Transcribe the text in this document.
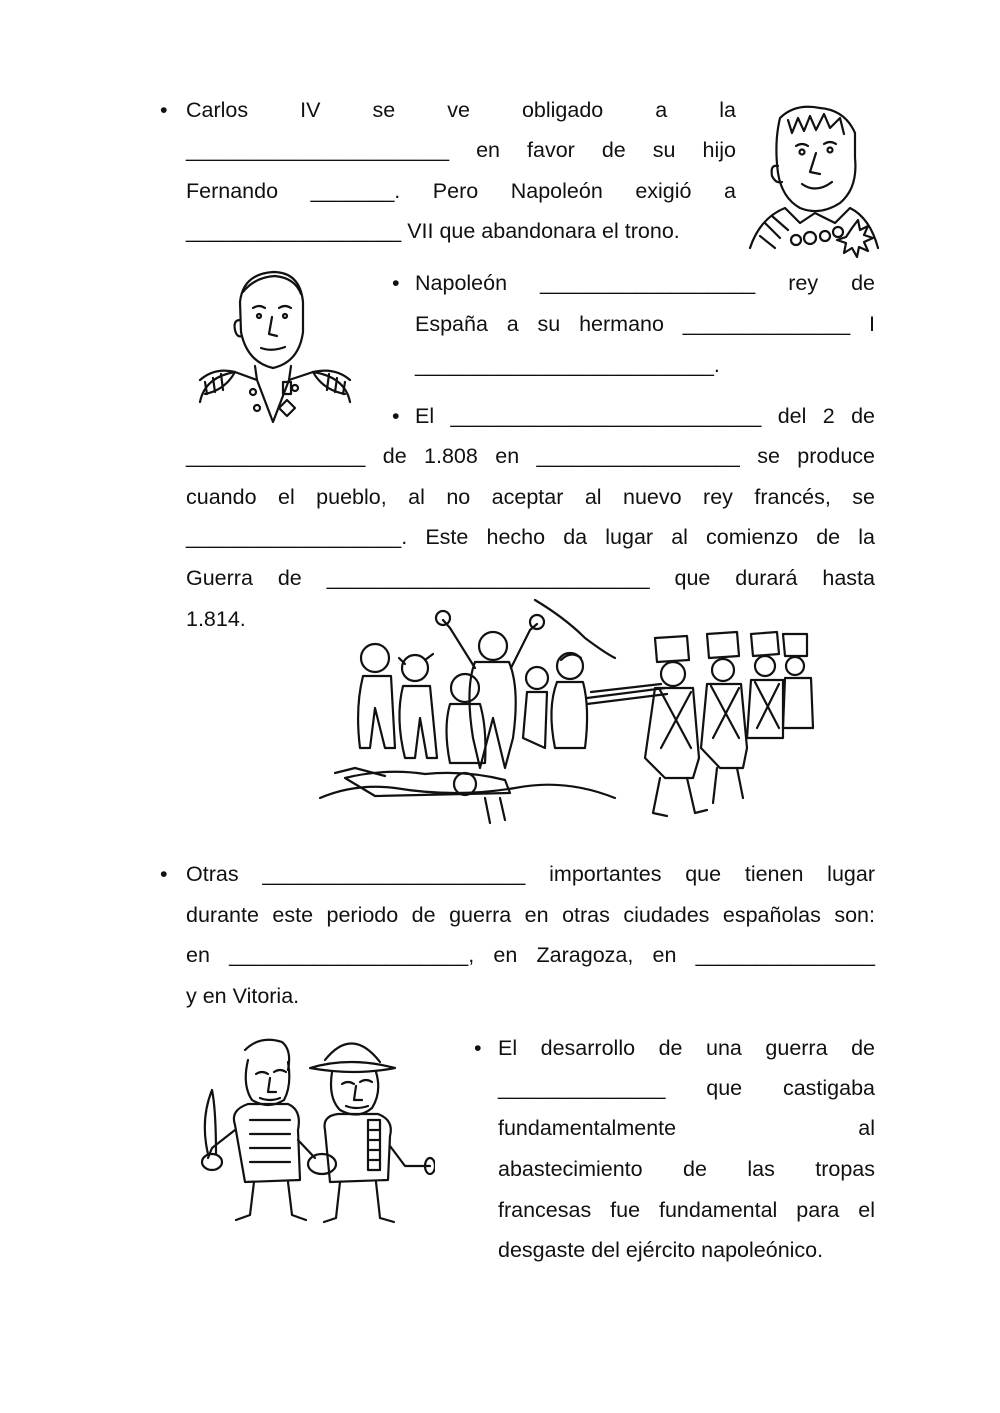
• Carlos IV se ve obligado a la
______________________ en favor de su hijo
Fernando _______. Pero Napoleón exigió a
__________________ VII que abandonara el trono.
• Napoleón __________________ rey de
España a su hermano ______________ I
_________________________.
• El __________________________ del 2 de
_______________ de 1.808 en _________________ se produce
cuando el pueblo, al no aceptar al nuevo rey francés, se
__________________. Este hecho da lugar al comienzo de la
Guerra de ___________________________ que durará hasta
1.814.
• Otras ______________________ importantes que tienen lugar
durante este periodo de guerra en otras ciudades españolas son:
en ____________________, en Zaragoza, en _______________
y en Vitoria.
• El desarrollo de una guerra de
______________ que castigaba
fundamentalmente al
abastecimiento de las tropas
francesas fue fundamental para el
desgaste del ejército napoleónico.
